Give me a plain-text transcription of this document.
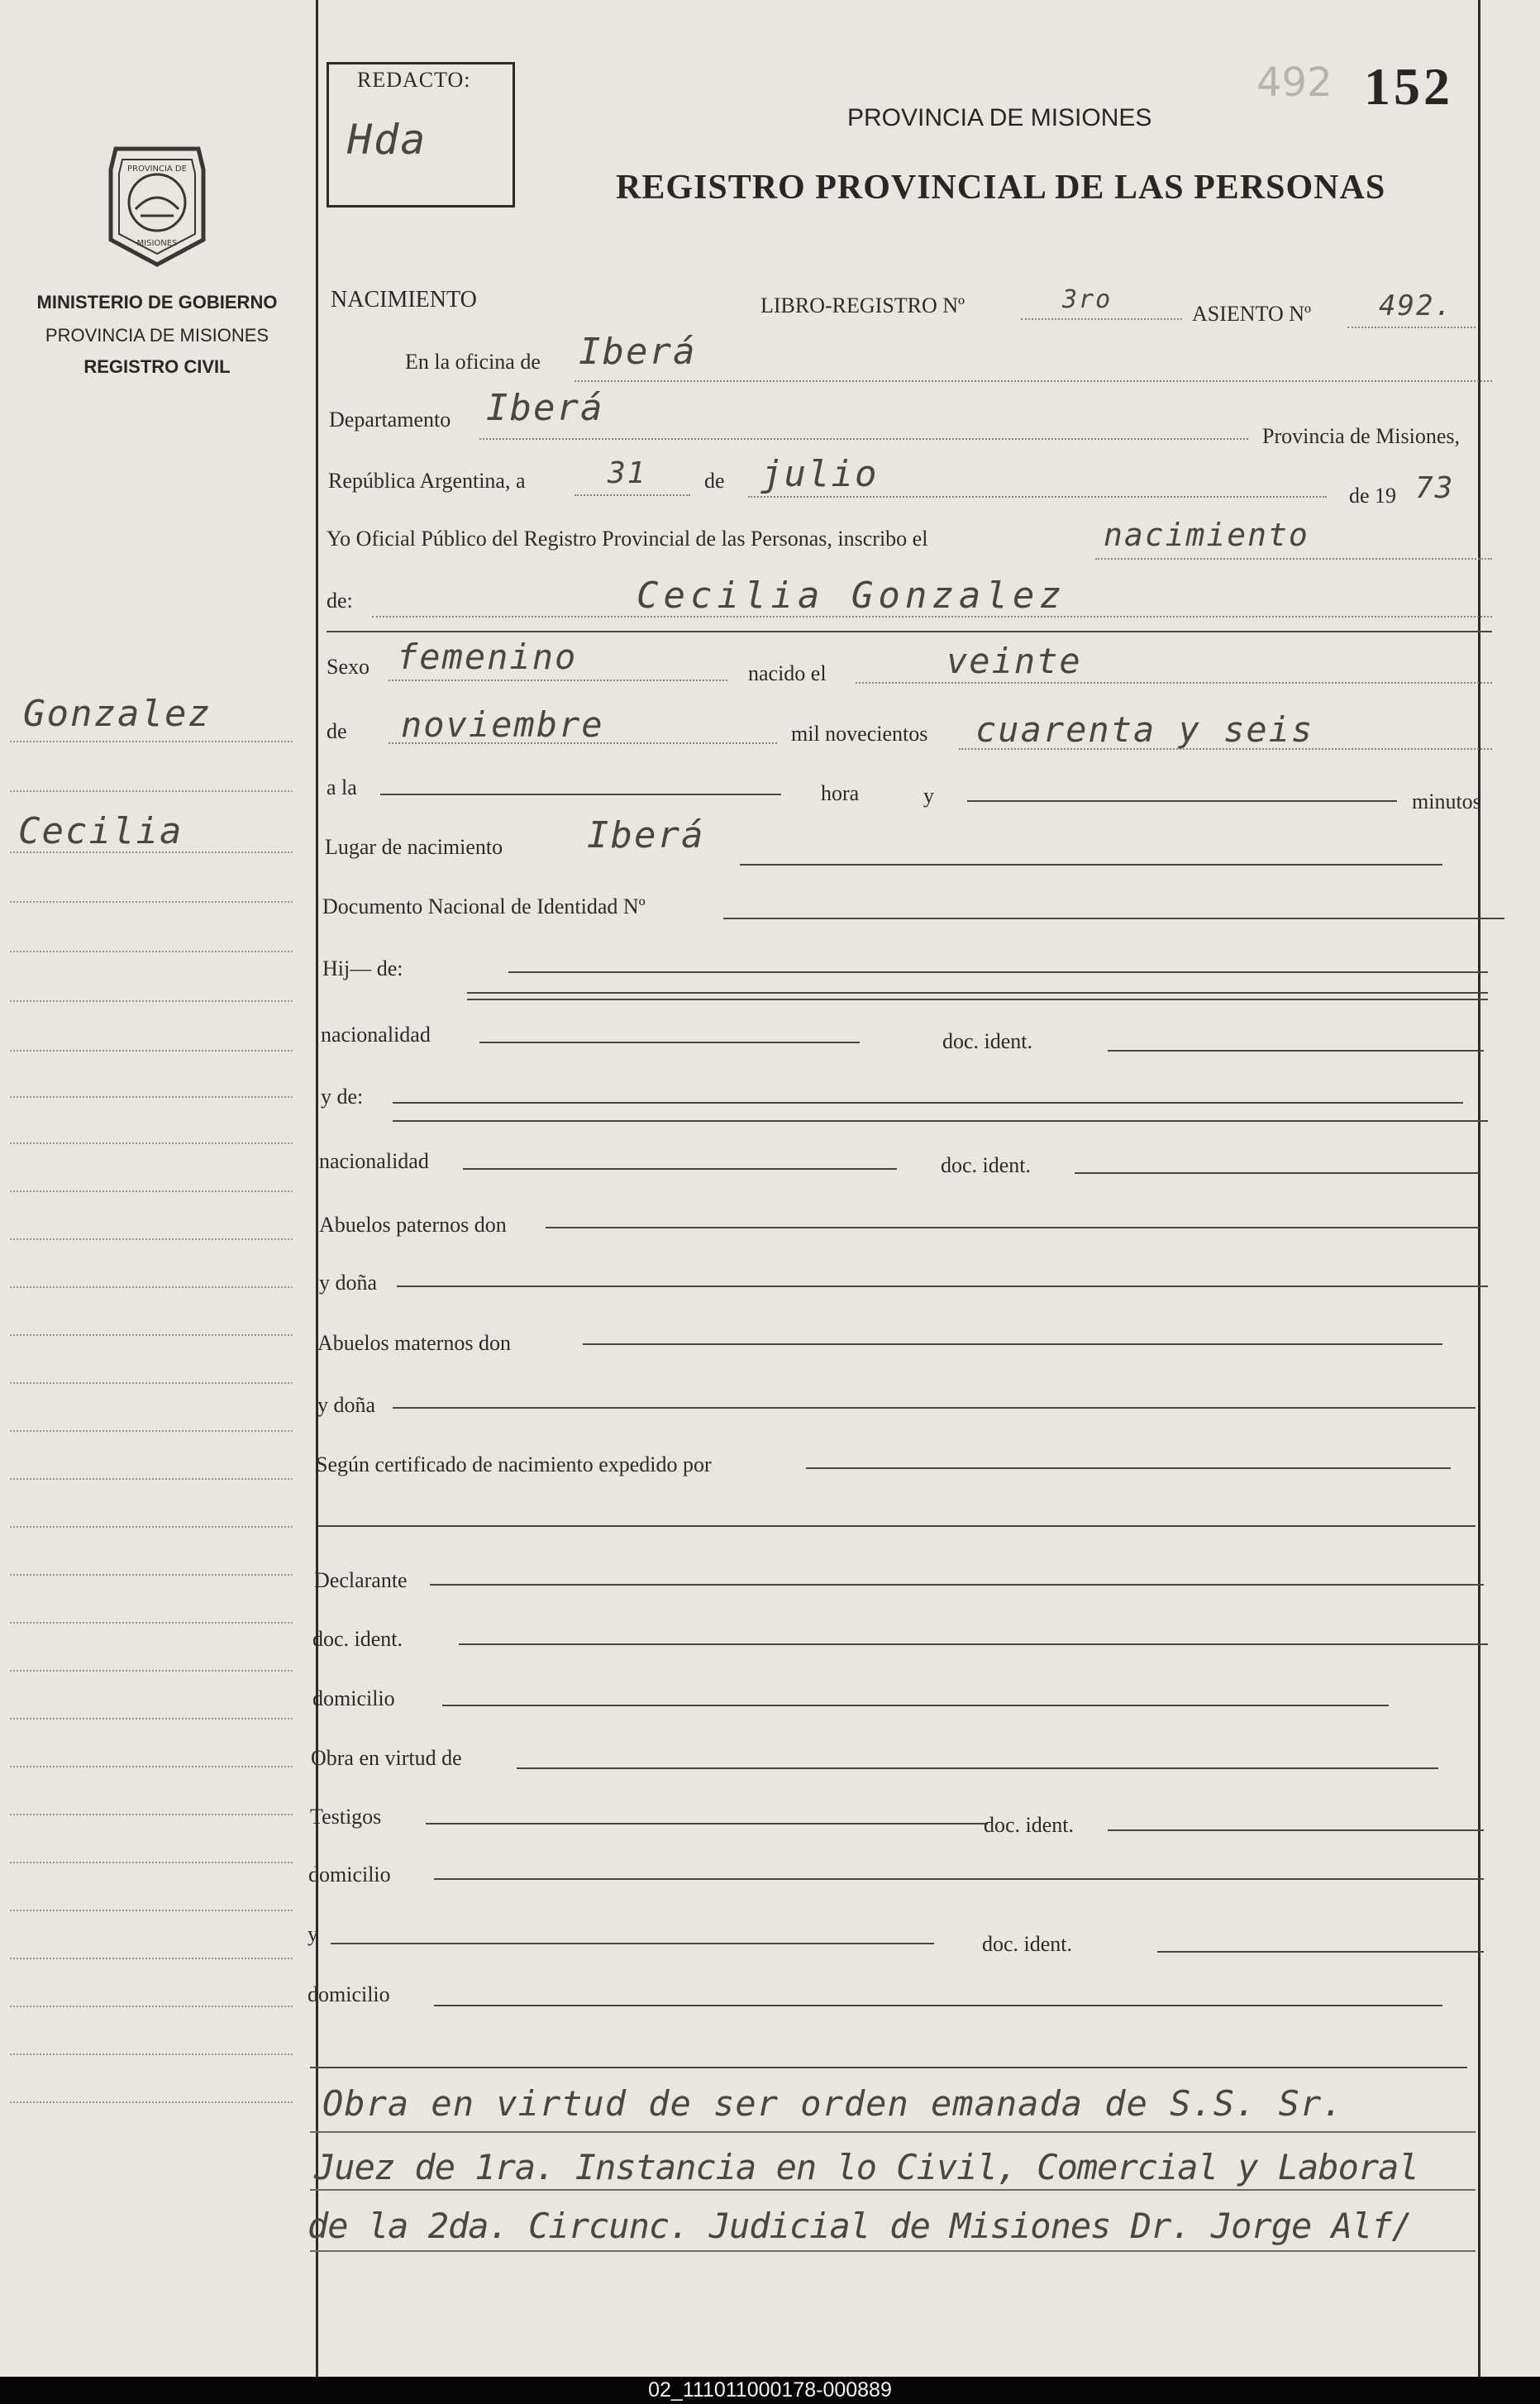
REDACTO:
Hda	PROVINCIA DE MISIONES
REGISTRO PROVINCIAL DE LAS PERSONAS
492 152
PROVINCIA DE
MISIONES
MINISTERIO DE GOBIERNO
PROVINCIA DE MISIONES
REGISTRO CIVIL
Gonzalez
Cecilia
NACIMIENTO	LIBRO-REGISTRO Nº	3ro	ASIENTO Nº 492.
En la oficina de Iberá
Departamento Iberá
Provincia de Misiones,
República Argentina, a	31	de julio
de 19 73
Yo Oficial Público del Registro Provincial de las Personas, inscribo el	nacimiento
de:	Cecilia Gonzalez
Sexo femenino	nacido el	veinte
de noviembre	mil novecientos cuarenta y seis
a la	hora	y	minutos
Lugar de nacimiento Iberá
Documento Nacional de Identidad Nº
Hij— de:
nacionalidad	doc. ident.
y de:
nacionalidad	doc. ident.
Abuelos paternos don
y doña
Abuelos maternos don
y doña
Según certificado de nacimiento expedido por
Declarante
doc. ident.
domicilio
Obra en virtud de
Testigos	doc. ident.
domicilio
y	doc. ident.
domicilio
Obra en virtud de ser orden emanada de S.S. Sr.
Juez de 1ra. Instancia en lo Civil, Comercial y Laboral
de la 2da. Circunc. Judicial de Misiones Dr. Jorge Alf/
02_111011000178-000889
